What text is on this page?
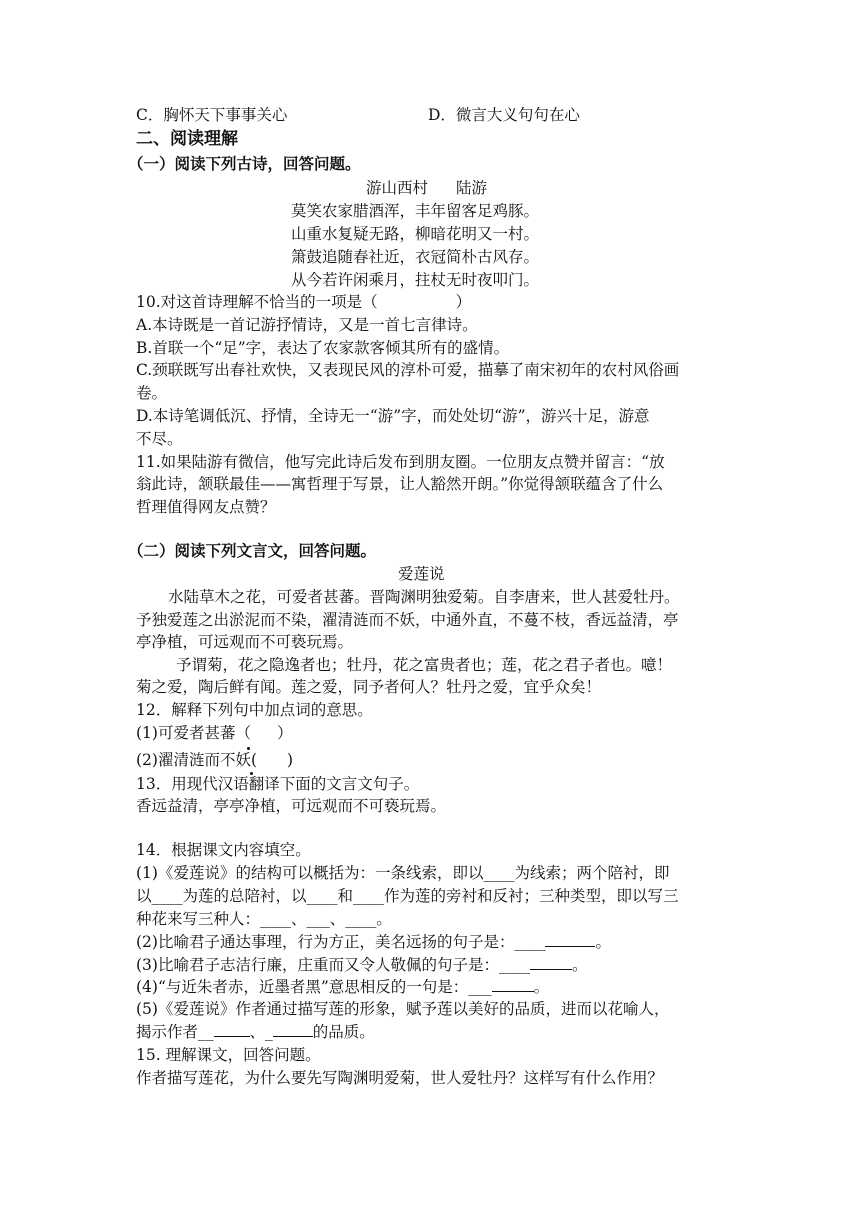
C．胸怀天下事事关心	D．微言大义句句在心
二、阅读理解
（一）阅读下列古诗，回答问题。
游山西村 陆游
莫笑农家腊酒浑，丰年留客足鸡豚。
山重水复疑无路，柳暗花明又一村。
箫鼓追随春社近，衣冠简朴古风存。
从今若许闲乘月，拄杖无时夜叩门。
10.对这首诗理解不恰当的一项是（	）
A.本诗既是一首记游抒情诗，又是一首七言律诗。
B.首联一个“足”字，表达了农家款客倾其所有的盛情。
C.颈联既写出春社欢快，又表现民风的淳朴可爱，描摹了南宋初年的农村风俗画
卷。
D.本诗笔调低沉、抒情，全诗无一“游”字，而处处切“游”，游兴十足，游意
不尽。
11.如果陆游有微信，他写完此诗后发布到朋友圈。一位朋友点赞并留言：“放
翁此诗，颔联最佳——寓哲理于写景，让人豁然开朗。”你觉得颔联蕴含了什么
哲理值得网友点赞？
（二）阅读下列文言文，回答问题。
爱莲说
水陆草木之花，可爱者甚蕃。晋陶渊明独爱菊。自李唐来，世人甚爱牡丹。
予独爱莲之出淤泥而不染，濯清涟而不妖，中通外直，不蔓不枝，香远益清，亭
亭净植，可远观而不可亵玩焉。
予谓菊，花之隐逸者也；牡丹，花之富贵者也；莲，花之君子者也。噫！
菊之爱，陶后鲜有闻。莲之爱，同予者何人？牡丹之爱，宜乎众矣！
12．解释下列句中加点词的意思。
(1)可爱者甚蕃（ ）
(2)濯清涟而不妖( )
13．用现代汉语翻译下面的文言文句子。
香远益清，亭亭净植，可远观而不可亵玩焉。
14．根据课文内容填空。
(1)《爱莲说》的结构可以概括为：一条线索，即以____为线索；两个陪衬，即
以____为莲的总陪衬，以____和____作为莲的旁衬和反衬；三种类型，即以写三
种花来写三种人：____、___、____。
(2)比喻君子通达事理，行为方正，美名远扬的句子是：____	。
(3)比喻君子志洁行廉，庄重而又令人敬佩的句子是：____	。
(4)“与近朱者赤，近墨者黑”意思相反的一句是：___	。
(5)《爱莲说》作者通过描写莲的形象，赋予莲以美好的品质，进而以花喻人，
揭示作者__ 、_	的品质。
15. 理解课文，回答问题。
作者描写莲花，为什么要先写陶渊明爱菊，世人爱牡丹？这样写有什么作用？
